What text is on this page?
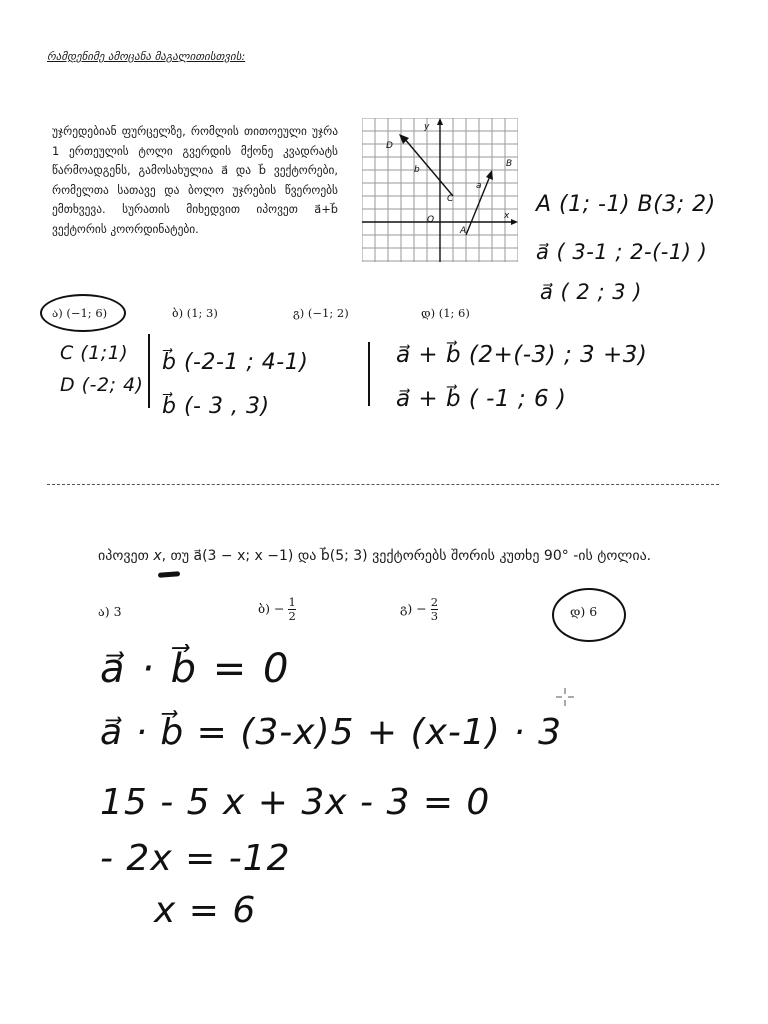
რამდენიმე ამოცანა მაგალითისთვის:
უჯრედებიან ფურცელზე, რომლის თითოეული უჯრა 1 ერთეულის ტოლი გვერდის მქონე კვადრატს წარმოადგენს, გამოსახულია a⃗ და b⃗ ვექტორები, რომელთა სათავე და ბოლო უჯრების წვეროებს ემთხვევა. სურათის მიხედვით იპოვეთ a⃗+b⃗ ვექტორის კოორდინატები.
y
x
O
B
A
C
D
b
a
A (1; -1) B(3; 2)
a⃗ ( 3-1 ; 2-(-1) )
a⃗ ( 2 ; 3 )
ა) (−1; 6)	ბ) (1; 3)	გ) (−1; 2)	დ) (1; 6)
C (1;1)
D (-2; 4)
b⃗ (-2-1 ; 4-1)
b⃗ (- 3 , 3)
a⃗ + b⃗ (2+(-3) ; 3 +3)
a⃗ + b⃗ ( -1 ; 6 )
იპოვეთ x, თუ a⃗(3 − x; x −1) და b⃗(5; 3) ვექტორებს შორის კუთხე 90° -ის ტოლია.
ა) 3	ბ) − $\frac{1}{2}$	გ) − $\frac{2}{3}$	დ) 6
a⃗ · b⃗ = 0
a⃗ · b⃗ = (3-x)5 + (x-1) · 3
15 - 5 x + 3x - 3 = 0
- 2x = -12
x = 6
